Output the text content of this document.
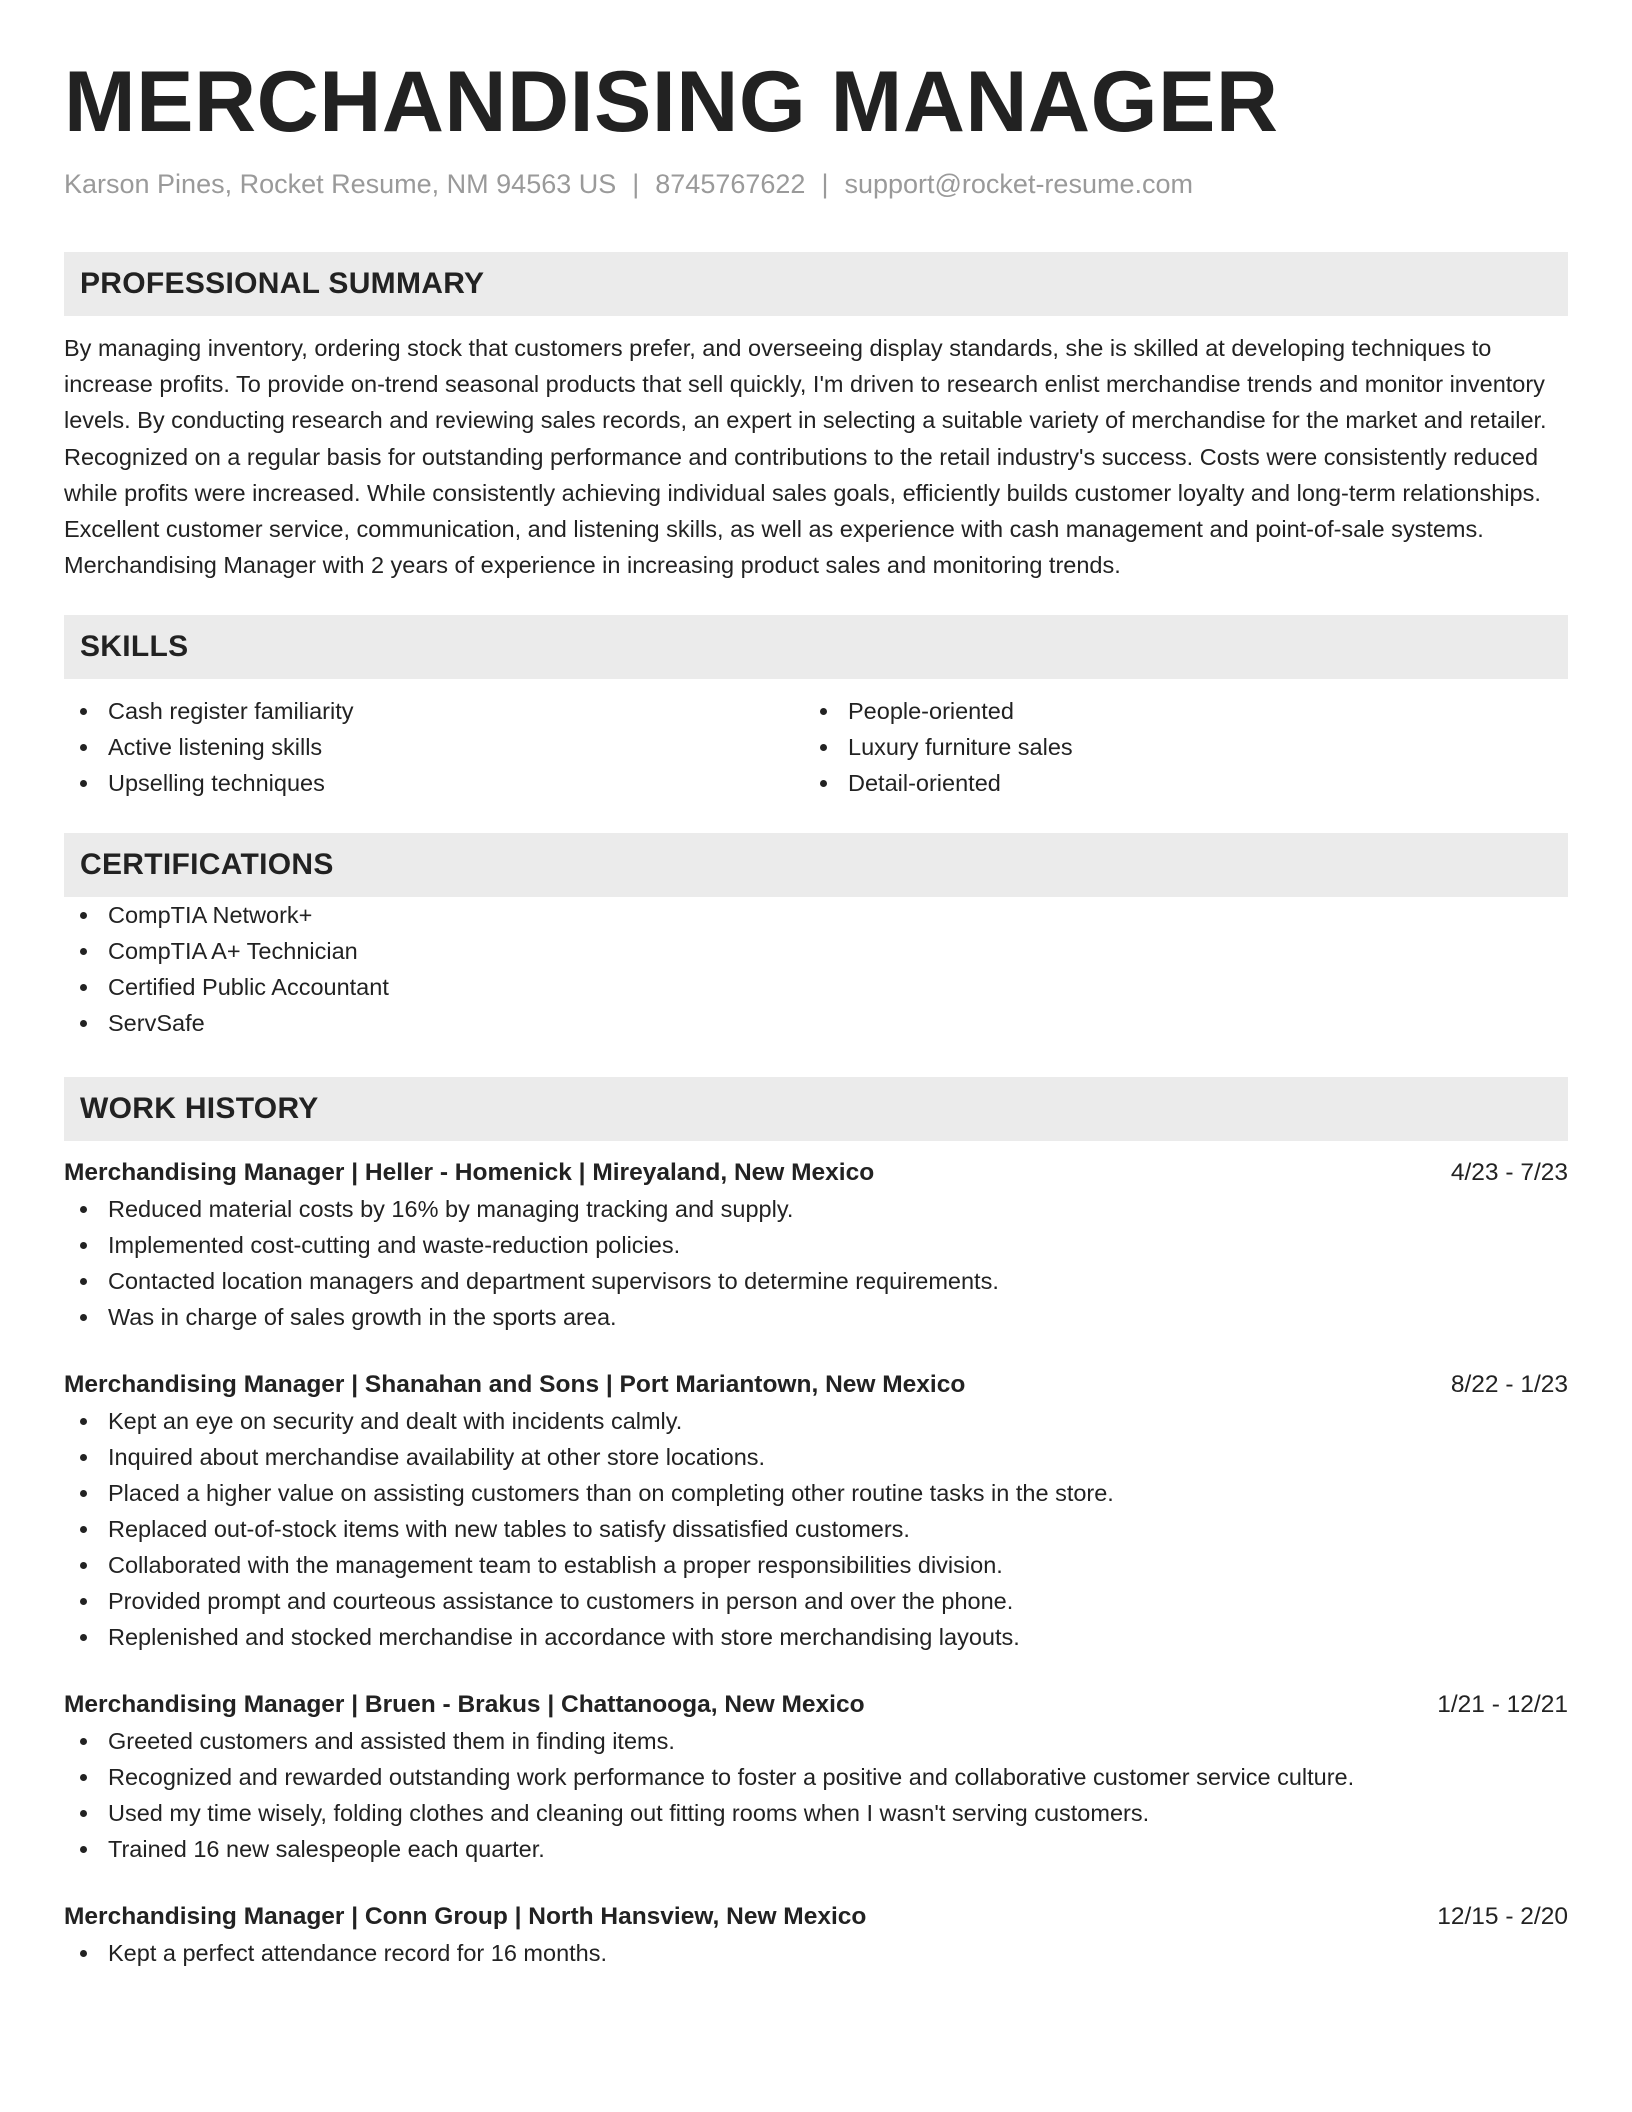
MERCHANDISING MANAGER
Karson Pines, Rocket Resume, NM 94563 US | 8745767622 | support@rocket-resume.com
PROFESSIONAL SUMMARY

By managing inventory, ordering stock that customers prefer, and overseeing display standards, she is skilled at developing techniques to increase profits. To provide on-trend seasonal products that sell quickly, I'm driven to research enlist merchandise trends and monitor inventory levels. By conducting research and reviewing sales records, an expert in selecting a suitable variety of merchandise for the market and retailer. Recognized on a regular basis for outstanding performance and contributions to the retail industry's success. Costs were consistently reduced while profits were increased. While consistently achieving individual sales goals, efficiently builds customer loyalty and long-term relationships. Excellent customer service, communication, and listening skills, as well as experience with cash management and point-of-sale systems. Merchandising Manager with 2 years of experience in increasing product sales and monitoring trends.

SKILLS
Cash register familiarity
Active listening skills
Upselling techniques
People-oriented
Luxury furniture sales
Detail-oriented
CERTIFICATIONS
CompTIA Network+
CompTIA A+ Technician
Certified Public Accountant
ServSafe
WORK HISTORY
Merchandising Manager | Heller - Homenick | Mireyaland, New Mexico	4/23 - 7/23
Reduced material costs by 16% by managing tracking and supply.
Implemented cost-cutting and waste-reduction policies.
Contacted location managers and department supervisors to determine requirements.
Was in charge of sales growth in the sports area.
Merchandising Manager | Shanahan and Sons | Port Mariantown, New Mexico	8/22 - 1/23
Kept an eye on security and dealt with incidents calmly.
Inquired about merchandise availability at other store locations.
Placed a higher value on assisting customers than on completing other routine tasks in the store.
Replaced out-of-stock items with new tables to satisfy dissatisfied customers.
Collaborated with the management team to establish a proper responsibilities division.
Provided prompt and courteous assistance to customers in person and over the phone.
Replenished and stocked merchandise in accordance with store merchandising layouts.
Merchandising Manager | Bruen - Brakus | Chattanooga, New Mexico	1/21 - 12/21
Greeted customers and assisted them in finding items.
Recognized and rewarded outstanding work performance to foster a positive and collaborative customer service culture.
Used my time wisely, folding clothes and cleaning out fitting rooms when I wasn't serving customers.
Trained 16 new salespeople each quarter.
Merchandising Manager | Conn Group | North Hansview, New Mexico	12/15 - 2/20
Kept a perfect attendance record for 16 months.
